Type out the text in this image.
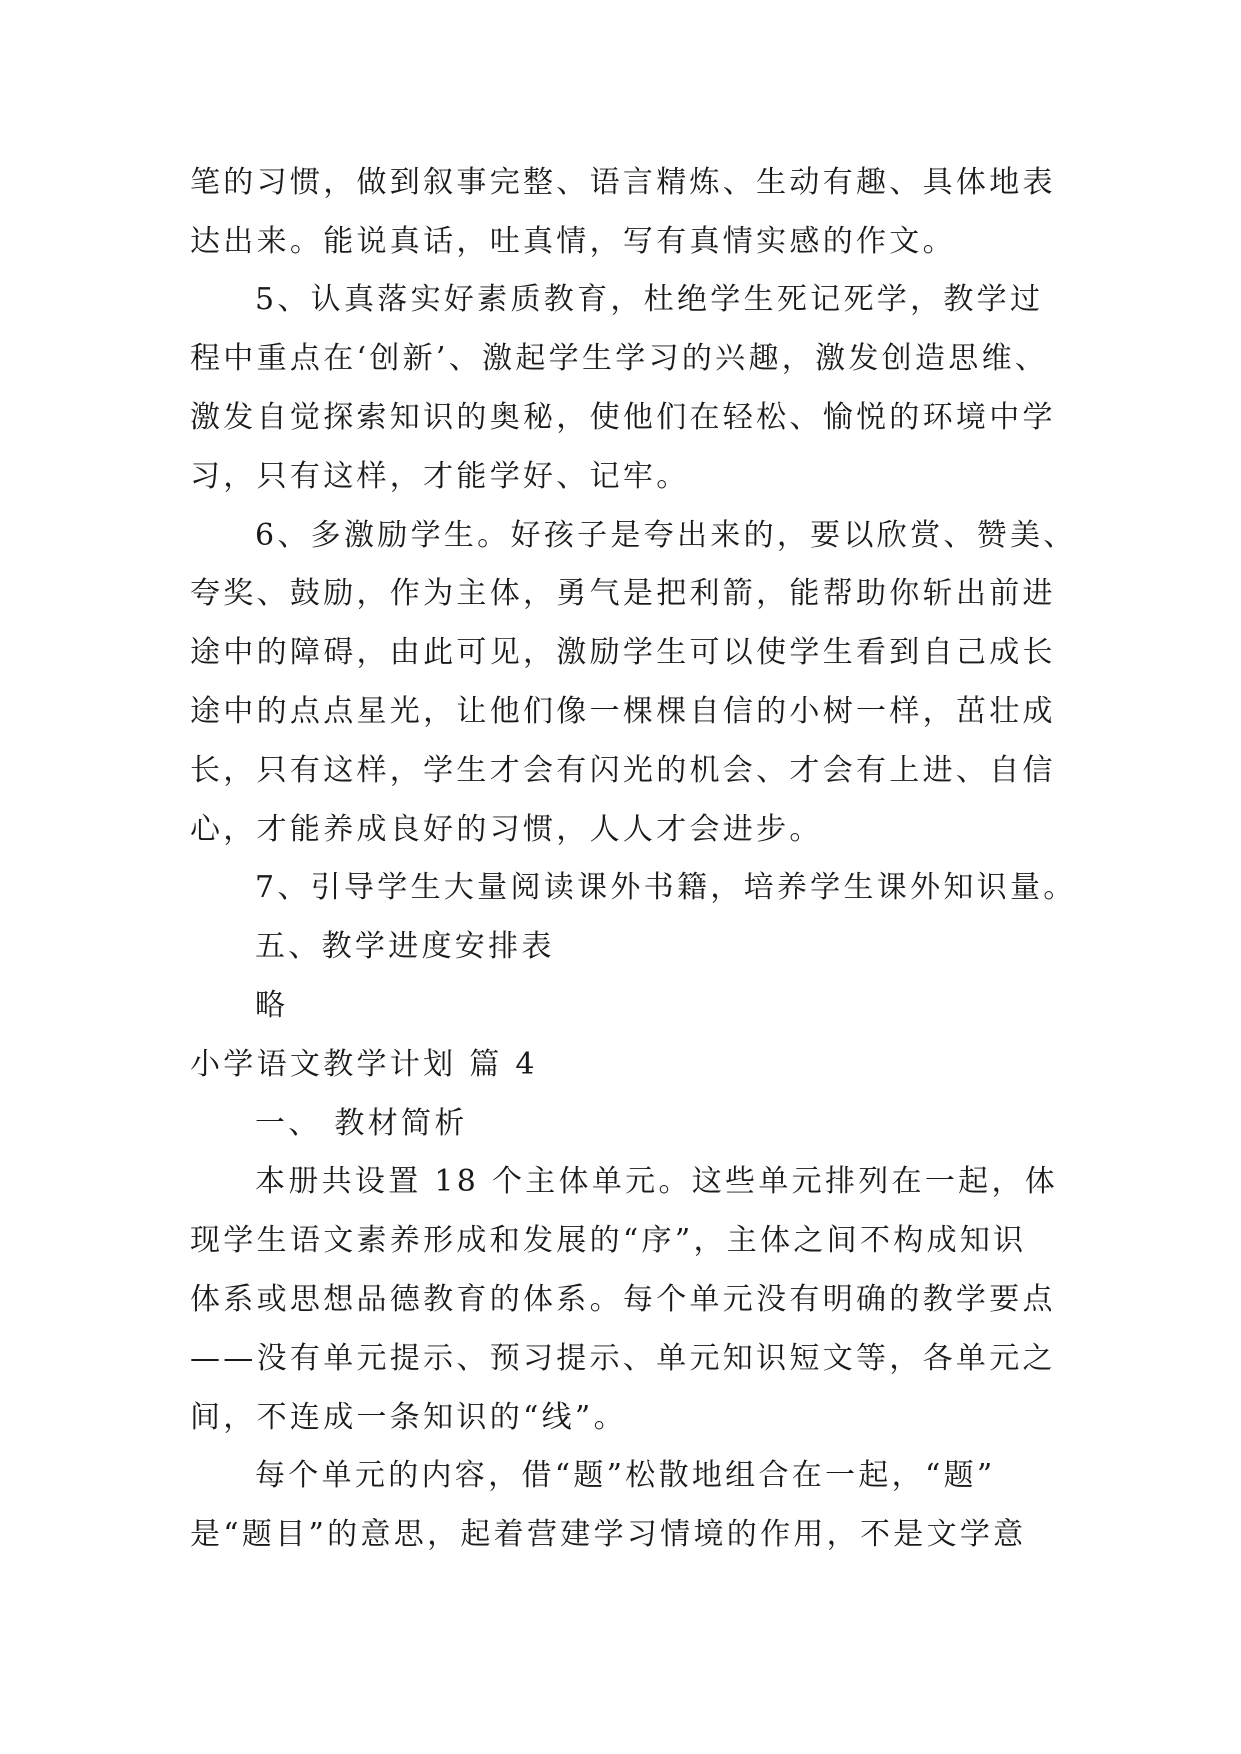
笔的习惯，做到叙事完整、语言精炼、生动有趣、具体地表
达出来。能说真话，吐真情，写有真情实感的作文。
5、认真落实好素质教育，杜绝学生死记死学，教学过
程中重点在‘创新’、激起学生学习的兴趣，激发创造思维、
激发自觉探索知识的奥秘，使他们在轻松、愉悦的环境中学
习，只有这样，才能学好、记牢。
6、多激励学生。好孩子是夸出来的，要以欣赏、赞美、
夸奖、鼓励，作为主体，勇气是把利箭，能帮助你斩出前进
途中的障碍，由此可见，激励学生可以使学生看到自己成长
途中的点点星光，让他们像一棵棵自信的小树一样，茁壮成
长，只有这样，学生才会有闪光的机会、才会有上进、自信
心，才能养成良好的习惯，人人才会进步。
7、引导学生大量阅读课外书籍，培养学生课外知识量。
五、教学进度安排表
略
小学语文教学计划 篇 4
一、 教材简析
本册共设置 18 个主体单元。这些单元排列在一起，体
现学生语文素养形成和发展的“序”，主体之间不构成知识
体系或思想品德教育的体系。每个单元没有明确的教学要点
——没有单元提示、预习提示、单元知识短文等，各单元之
间，不连成一条知识的“线”。
每个单元的内容，借“题”松散地组合在一起，“题”
是“题目”的意思，起着营建学习情境的作用，不是文学意
